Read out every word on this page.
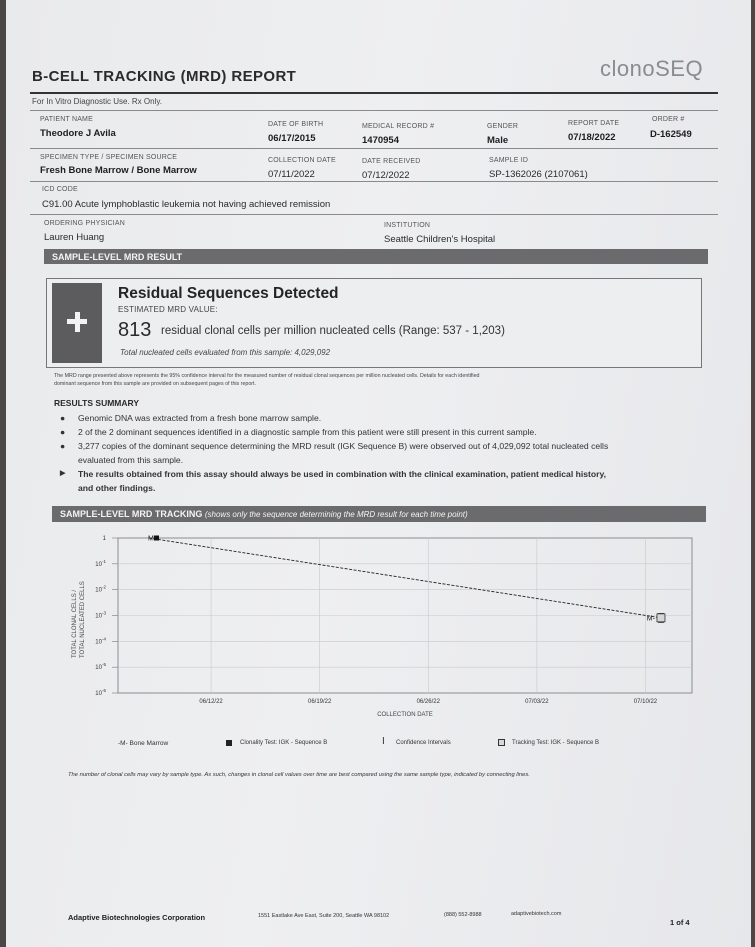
B-CELL TRACKING (MRD) REPORT	clonoSEQ
For In Vitro Diagnostic Use. Rx Only.
PATIENT NAME
Theodore J Avila
DATE OF BIRTH
06/17/2015
MEDICAL RECORD #
1470954
GENDER
Male
REPORT DATE
07/18/2022
ORDER #
D-162549
SPECIMEN TYPE / SPECIMEN SOURCE
Fresh Bone Marrow / Bone Marrow
COLLECTION DATE
07/11/2022
DATE RECEIVED
07/12/2022
SAMPLE ID
SP-1362026 (2107061)
ICD CODE
C91.00 Acute lymphoblastic leukemia not having achieved remission
ORDERING PHYSICIAN
Lauren Huang
INSTITUTION
Seattle Children's Hospital
SAMPLE-LEVEL MRD RESULT
Residual Sequences Detected
ESTIMATED MRD VALUE:
813 residual clonal cells per million nucleated cells (Range: 537 - 1,203)
Total nucleated cells evaluated from this sample: 4,029,092
The MRD range presented above represents the 95% confidence interval for the measured number of residual clonal sequences per million nucleated cells. Details for each identified
dominant sequence from this sample are provided on subsequent pages of this report.
RESULTS SUMMARY
● Genomic DNA was extracted from a fresh bone marrow sample.
● 2 of the 2 dominant sequences identified in a diagnostic sample from this patient were still present in this current sample.
● 3,277 copies of the dominant sequence determining the MRD result (IGK Sequence B) were observed out of 4,029,092 total nucleated cells
evaluated from this sample.
▶ The results obtained from this assay should always be used in combination with the clinical examination, patient medical history,
and other findings.
SAMPLE-LEVEL MRD TRACKING (shows only the sequence determining the MRD result for each time point)
1
$10^{-1}$
$10^{-2}$
$10^{-3}$
$10^{-4}$
$10^{-5}$
$10^{-6}$
06/12/22	06/19/22	06/26/22	07/03/22	07/10/22
M
M-
TOTAL CLONAL CELLS / TOTAL NUCLEATED CELLS
COLLECTION DATE
-M- Bone Marrow	Clonality Test: IGK - Sequence B	I Confidence Intervals	Tracking Test: IGK - Sequence B
The number of clonal cells may vary by sample type. As such, changes in clonal cell values over time are best compared using the same sample type, indicated by connecting lines.
Adaptive Biotechnologies Corporation	1551 Eastlake Ave East, Suite 200, Seattle WA 98102	(888) 552-8988	adaptivebiotech.com
1 of 4
